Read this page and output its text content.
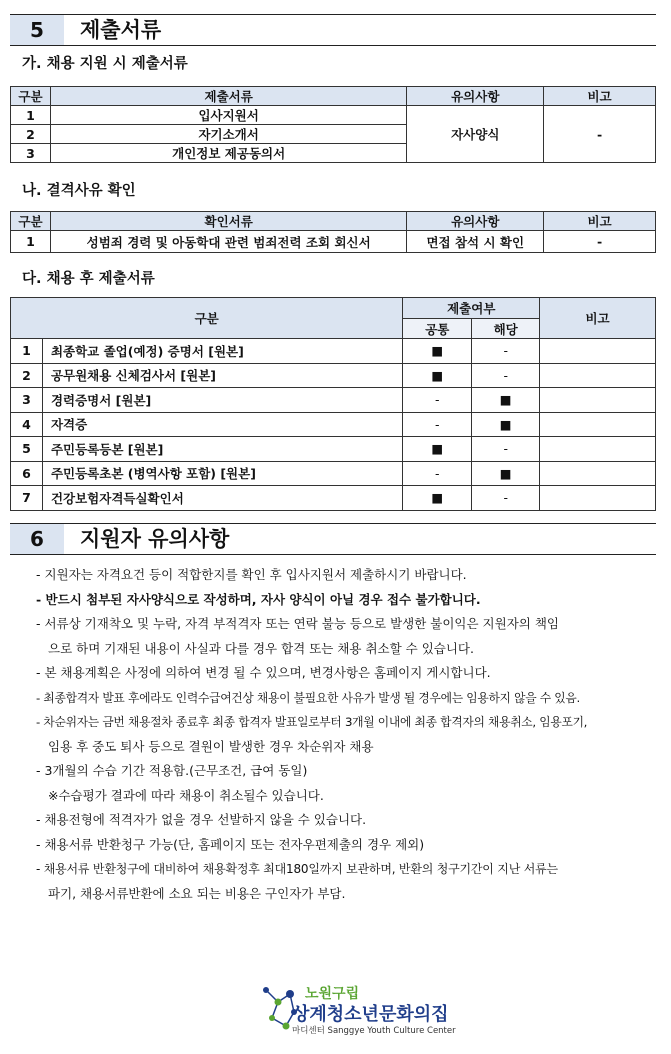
5	제출서류
가. 채용 지원 시 제출서류
구분	제출서류	유의사항	비고
1	입사지원서	자사양식	-
2	자기소개서		
3	개인정보 제공동의서		
나. 결격사유 확인
구분	확인서류	유의사항	비고
1	성범죄 경력 및 아동학대 관련 범죄전력 조회 회신서	면접 참석 시 확인	-
다. 채용 후 제출서류
구분		제출여부		비고
		공통	해당	
1	최종학교 졸업(예정) 증명서 [원본]	■	-	
2	공무원채용 신체검사서 [원본]	■	-	
3	경력증명서 [원본]	-	■	
4	자격증	-	■	
5	주민등록등본 [원본]	■	-	
6	주민등록초본 (병역사항 포함) [원본]	-	■	
7	건강보험자격득실확인서	■	-	
6	지원자 유의사항
- 지원자는 자격요건 등이 적합한지를 확인 후 입사지원서 제출하시기 바랍니다.
- 반드시 첨부된 자사양식으로 작성하며, 자사 양식이 아닐 경우 접수 불가합니다.
- 서류상 기재착오 및 누락, 자격 부적격자 또는 연락 불능 등으로 발생한 불이익은 지원자의 책임
으로 하며 기재된 내용이 사실과 다를 경우 합격 또는 채용 취소할 수 있습니다.
- 본 채용계획은 사정에 의하여 변경 될 수 있으며, 변경사항은 홈페이지 게시합니다.
- 최종합격자 발표 후에라도 인력수급여건상 채용이 불필요한 사유가 발생 될 경우에는 임용하지 않을 수 있음.
- 차순위자는 금번 채용절차 종료후 최종 합격자 발표일로부터 3개월 이내에 최종 합격자의 채용취소, 임용포기,
임용 후 중도 퇴사 등으로 결원이 발생한 경우 차순위자 채용
- 3개월의 수습 기간 적용함.(근무조건, 급여 동일)
※수습평가 결과에 따라 채용이 취소될수 있습니다.
- 채용전형에 적격자가 없을 경우 선발하지 않을 수 있습니다.
- 채용서류 반환청구 가능(단, 홈페이지 또는 전자우편제출의 경우 제외)
- 채용서류 반환청구에 대비하여 채용확정후 최대180일까지 보관하며, 반환의 청구기간이 지난 서류는
파기, 채용서류반환에 소요 되는 비용은 구인자가 부담.
노원구립
상계청소년문화의집
마디센터 Sanggye Youth Culture Center
